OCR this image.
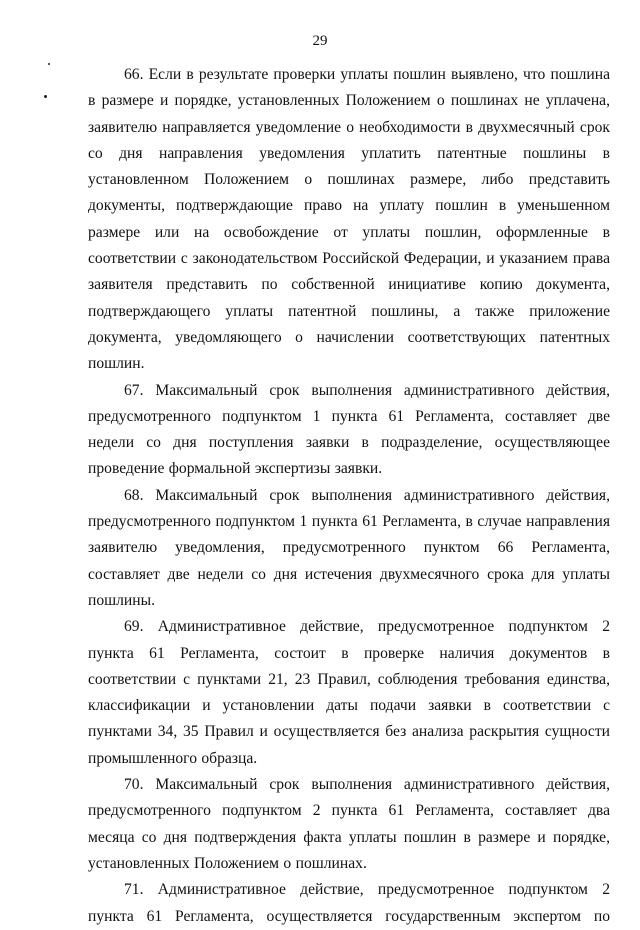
29

66. Если в результате проверки уплаты пошлин выявлено, что пошлина в размере и порядке, установленных Положением о пошлинах не уплачена, заявителю направляется уведомление о необходимости в двухмесячный срок со дня направления уведомления уплатить патентные пошлины в установленном Положением о пошлинах размере, либо представить документы, подтверждающие право на уплату пошлин в уменьшенном размере или на освобождение от уплаты пошлин, оформленные в соответствии с законодательством Российской Федерации, и указанием права заявителя представить по собственной инициативе копию документа, подтверждающего уплаты патентной пошлины, а также приложение документа, уведомляющего о начислении соответствующих патентных пошлин.

67. Максимальный срок выполнения административного действия, предусмотренного подпунктом 1 пункта 61 Регламента, составляет две недели со дня поступления заявки в подразделение, осуществляющее проведение формальной экспертизы заявки.

68. Максимальный срок выполнения административного действия, предусмотренного подпунктом 1 пункта 61 Регламента, в случае направления заявителю уведомления, предусмотренного пунктом 66 Регламента, составляет две недели со дня истечения двухмесячного срока для уплаты пошлины.

69. Административное действие, предусмотренное подпунктом 2 пункта 61 Регламента, состоит в проверке наличия документов в соответствии с пунктами 21, 23 Правил, соблюдения требования единства, классификации и установлении даты подачи заявки в соответствии с пунктами 34, 35 Правил и осуществляется без анализа раскрытия сущности промышленного образца.

70. Максимальный срок выполнения административного действия, предусмотренного подпунктом 2 пункта 61 Регламента, составляет два месяца со дня подтверждения факта уплаты пошлин в размере и порядке, установленных Положением о пошлинах.

71. Административное действие, предусмотренное подпунктом 2 пункта 61 Регламента, осуществляется государственным экспертом по
